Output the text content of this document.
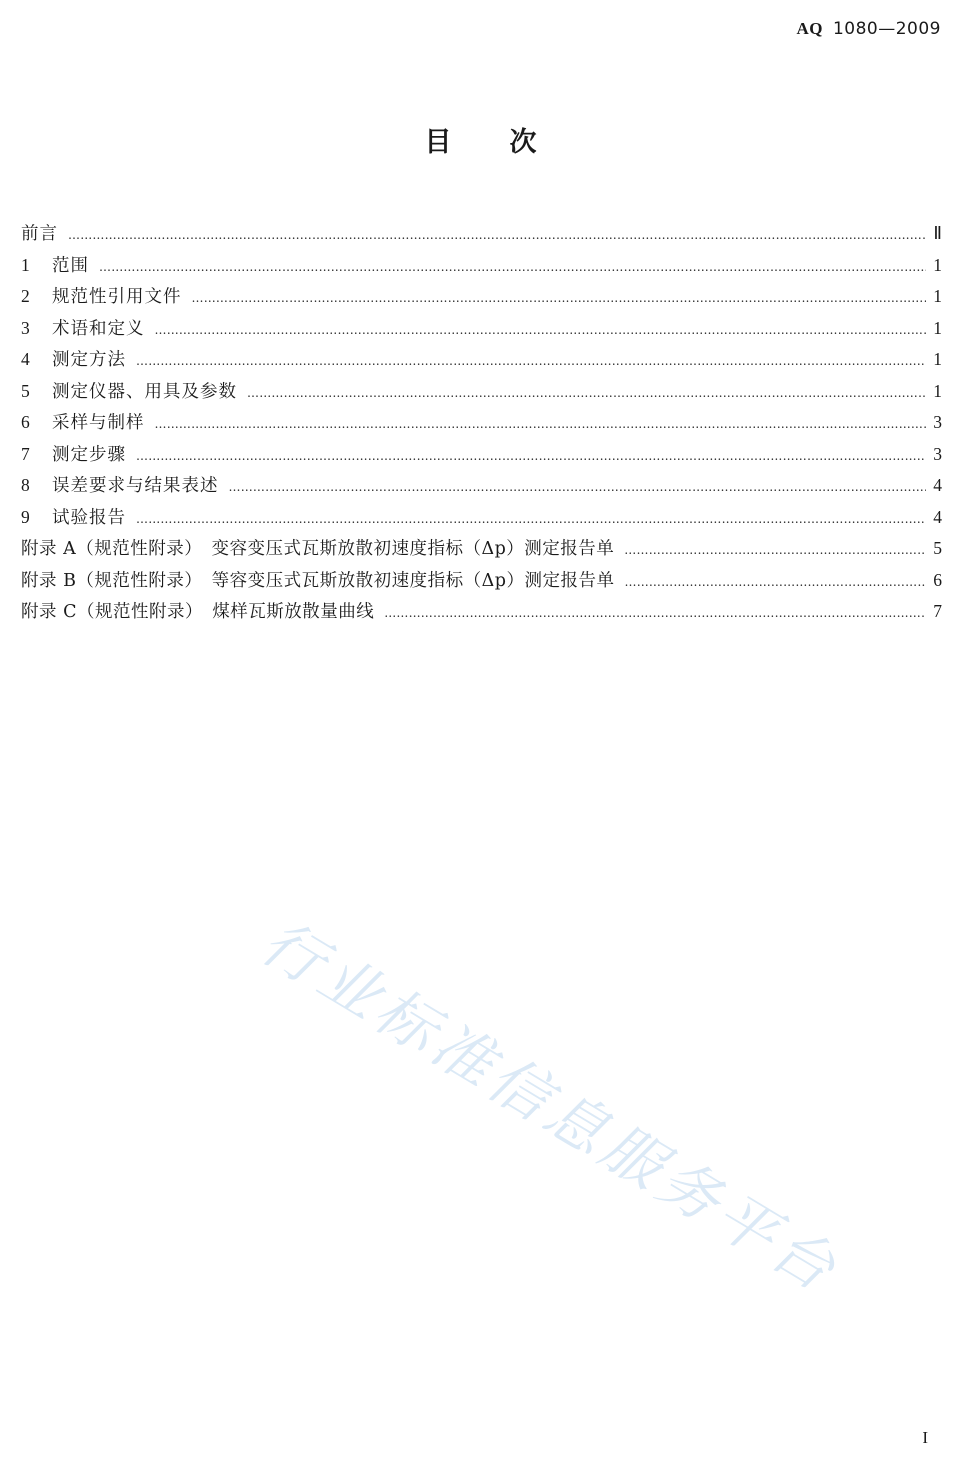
AQ 1080—2009
目 次
前言 ………………………………………………………………………………………………………………………………………………………………………………………………………………………………	Ⅱ
1	范围 ………………………………………………………………………………………………………………………………………………………………………………………………………………………………	1
2	规范性引用文件 ………………………………………………………………………………………………………………………………………………………………………………………………………………………………	1
3	术语和定义 ………………………………………………………………………………………………………………………………………………………………………………………………………………………………	1
4	测定方法 ………………………………………………………………………………………………………………………………………………………………………………………………………………………………	1
5	测定仪器、用具及参数 ………………………………………………………………………………………………………………………………………………………………………………………………………………………………	1
6	采样与制样 ………………………………………………………………………………………………………………………………………………………………………………………………………………………………	3
7	测定步骤 ………………………………………………………………………………………………………………………………………………………………………………………………………………………………	3
8	误差要求与结果表述 ………………………………………………………………………………………………………………………………………………………………………………………………………………………………	4
9	试验报告 ………………………………………………………………………………………………………………………………………………………………………………………………………………………………	4
附录 A（规范性附录）　变容变压式瓦斯放散初速度指标（Δp）测定报告单 ………………………………………………………………………………………………………………………………………………………………………………………………………………………………	5
附录 B（规范性附录）　等容变压式瓦斯放散初速度指标（Δp）测定报告单 ………………………………………………………………………………………………………………………………………………………………………………………………………………………………	6
附录 C（规范性附录）　煤样瓦斯放散量曲线 ………………………………………………………………………………………………………………………………………………………………………………………………………………………………	7
行业标准信息服务平台
I
